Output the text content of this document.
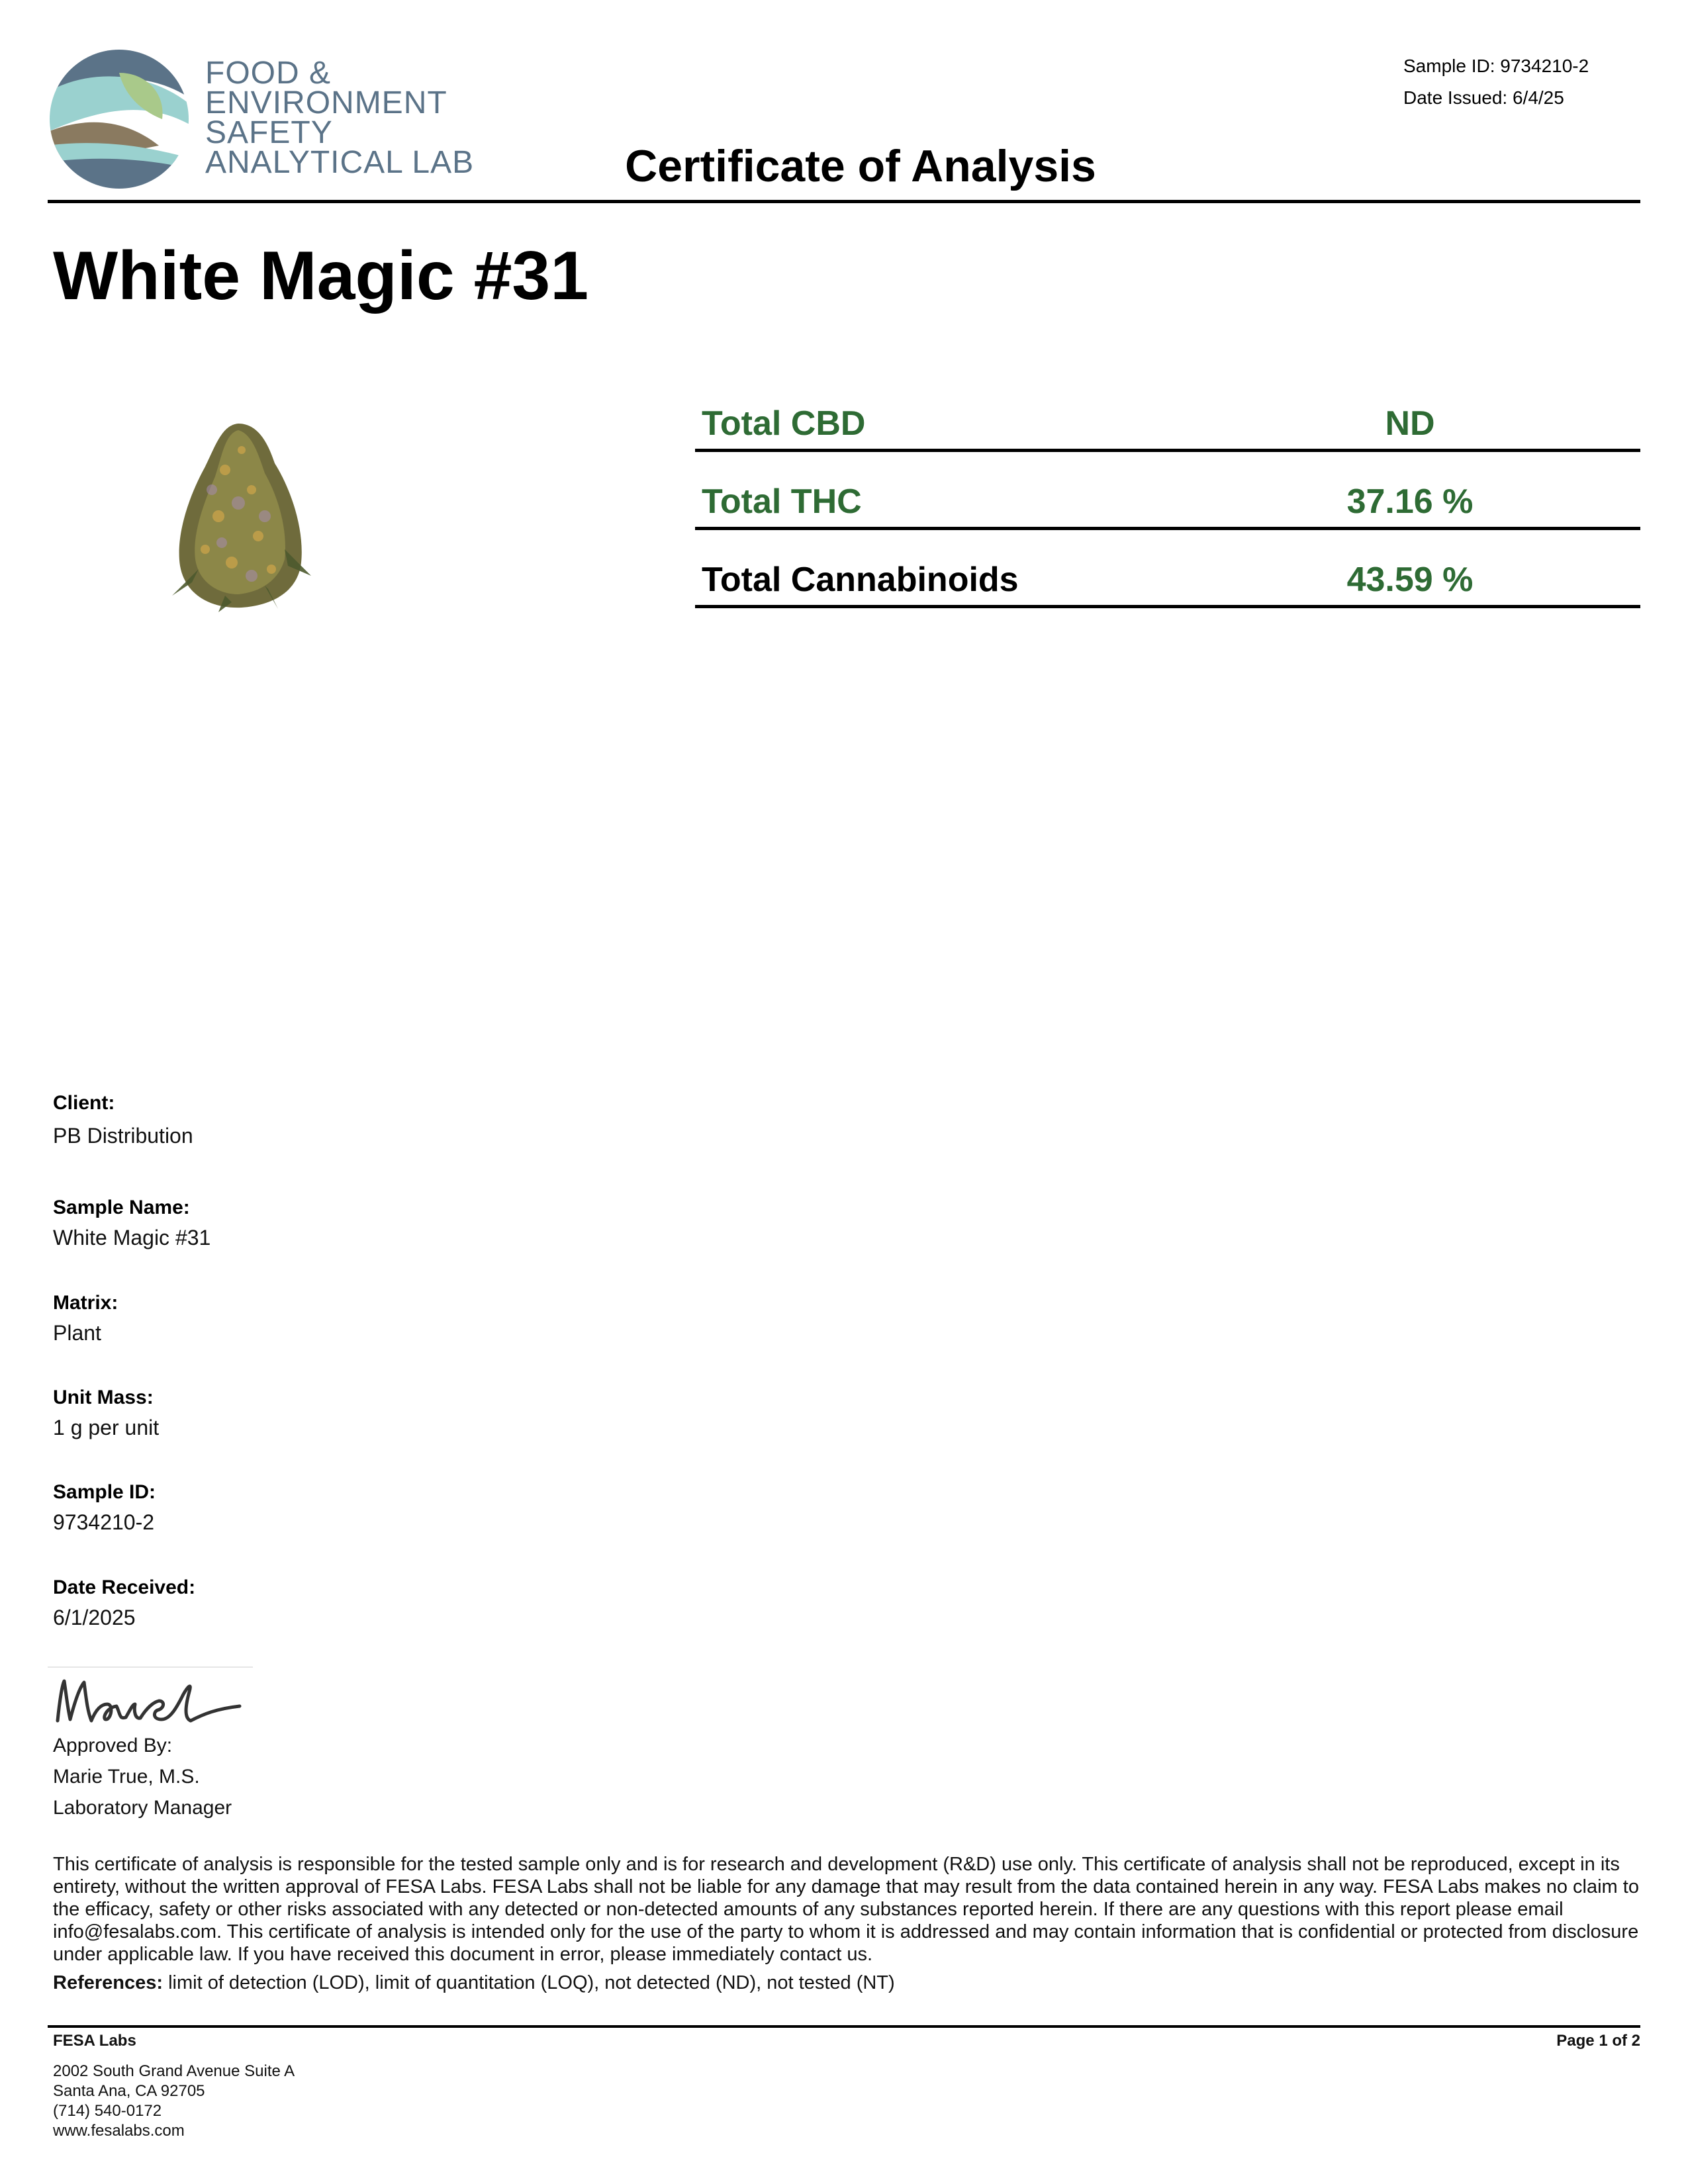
FOOD &
ENVIRONMENT
SAFETY
ANALYTICAL LAB	Certificate of Analysis
Sample ID: 9734210-2
Date Issued: 6/4/25
White Magic #31
Total CBD	ND
Total THC	37.16 %
Total Cannabinoids	43.59 %
Client:
PB Distribution
Sample Name:
White Magic #31
Matrix:
Plant
Unit Mass:
1 g per unit
Sample ID:
9734210-2
Date Received:
6/1/2025
Approved By:
Marie True, M.S.
Laboratory Manager
This certificate of analysis is responsible for the tested sample only and is for research and development (R&D) use only. This certificate of analysis shall not be reproduced, except in its entirety, without the written approval of FESA Labs. FESA Labs shall not be liable for any damage that may result from the data contained herein in any way. FESA Labs makes no claim to the efficacy, safety or other risks associated with any detected or non-detected amounts of any substances reported herein. If there are any questions with this report please email info@fesalabs.com. This certificate of analysis is intended only for the use of the party to whom it is addressed and may contain information that is confidential or protected from disclosure under applicable law. If you have received this document in error, please immediately contact us.
References: limit of detection (LOD), limit of quantitation (LOQ), not detected (ND), not tested (NT)
FESA Labs	Page 1 of 2
2002 South Grand Avenue Suite A
Santa Ana, CA 92705
(714) 540-0172
www.fesalabs.com
